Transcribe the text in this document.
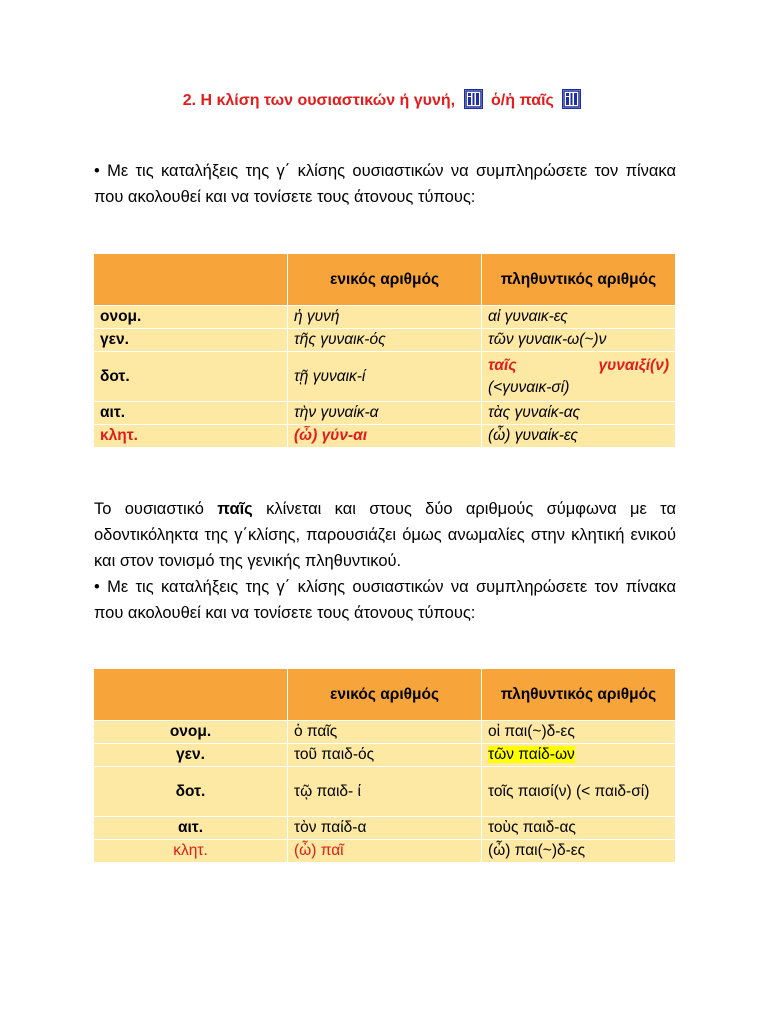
2. Η κλίση των ουσιαστικών ή γυνή, ὁ/ἡ παῖς

• Με τις καταλήξεις της γ΄ κλίσης ουσιαστικών να συμπληρώσετε τον πίνακα που ακολουθεί και να τονίσετε τους άτονους τύπους:

	ενικός αριθμός	πληθυντικός αριθμός
ονομ.	ἡ γυνή	αἱ γυναικ-ες
γεν.	τῆς γυναικ-ός	τῶν γυναικ-ω(~)ν
δοτ.	τῇ γυναικ-ί	ταῖς γυναιξί(ν)
(<γυναικ-σί)

αιτ.	τὴν γυναίκ-α	τὰς γυναίκ-ας
κλητ.	(ὦ) γύν-αι	(ὦ) γυναίκ-ες

Το ουσιαστικό παῖς κλίνεται και στους δύο αριθμούς σύμφωνα με τα οδοντικόληκτα της γ΄κλίσης, παρουσιάζει όμως ανωμαλίες στην κλητική ενικού και στον τονισμό της γενικής πληθυντικού.

• Με τις καταλήξεις της γ΄ κλίσης ουσιαστικών να συμπληρώσετε τον πίνακα που ακολουθεί και να τονίσετε τους άτονους τύπους:

	ενικός αριθμός	πληθυντικός αριθμός
ονομ.	ὁ παῖς	οἱ παι(~)δ-ες
γεν.	τοῦ παιδ-ός	τῶν παίδ-ων
δοτ.	τῷ παιδ- ί	τοῖς παισί(ν) (< παιδ-σί)
αιτ.	τὸν παίδ-α	τοὺς παιδ-ας
κλητ.	(ὦ) παῖ	(ὦ) παι(~)δ-ες
